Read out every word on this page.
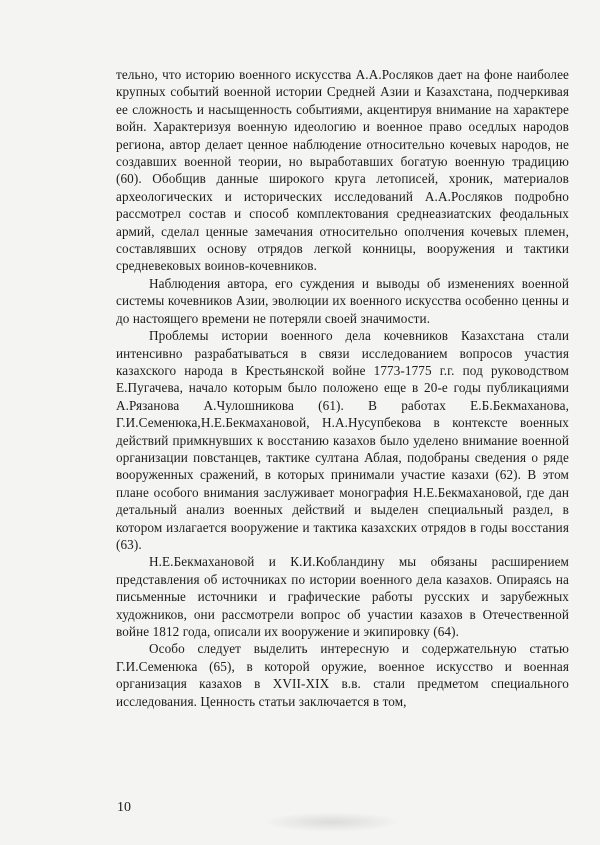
тельно, что историю военного искусства А.А.Росляков дает на фоне наиболее крупных событий военной истории Средней Азии и Казахстана, подчеркивая ее сложность и насыщенность событиями, акцентируя внимание на характере войн. Характеризуя военную идеологию и военное право оседлых народов региона, автор делает ценное наблюдение относительно кочевых народов, не создавших военной теории, но выработавших богатую военную традицию (60). Обобщив данные широкого круга летописей, хроник, материалов археологических и исторических исследований А.А.Росляков подробно рассмотрел состав и способ комплектования среднеазиатских феодальных армий, сделал ценные замечания относительно ополчения кочевых племен, составлявших основу отрядов легкой конницы, вооружения и тактики средневековых воинов-кочевников.

Наблюдения автора, его суждения и выводы об изменениях военной системы кочевников Азии, эволюции их военного искусства особенно ценны и до настоящего времени не потеряли своей значимости.

Проблемы истории военного дела кочевников Казахстана стали интенсивно разрабатываться в связи исследованием вопросов участия казахского народа в Крестьянской войне 1773-1775 г.г. под руководством Е.Пугачева, начало которым было положено еще в 20-е годы публикациями А.Рязанова А.Чулошникова (61). В работах Е.Б.Бекмаханова, Г.И.Семенюка,Н.Е.Бекмахановой, Н.А.Нусупбекова в контексте военных действий примкнувших к восстанию казахов было уделено внимание военной организации повстанцев, тактике султана Аблая, подобраны сведения о ряде вооруженных сражений, в которых принимали участие казахи (62). В этом плане особого внимания заслуживает монография Н.Е.Бекмахановой, где дан детальный анализ военных действий и выделен специальный раздел, в котором излагается вооружение и тактика казахских отрядов в годы восстания (63).

Н.Е.Бекмахановой и К.И.Кобландину мы обязаны расширением представления об источниках по истории военного дела казахов. Опираясь на письменные источники и графические работы русских и зарубежных художников, они рассмотрели вопрос об участии казахов в Отечественной войне 1812 года, описали их вооружение и экипировку (64).

Особо следует выделить интересную и содержательную статью Г.И.Семенюка (65), в которой оружие, военное искусство и военная организация казахов в XVII-XIX в.в. стали предметом специального исследования. Ценность статьи заключается в том,

10
